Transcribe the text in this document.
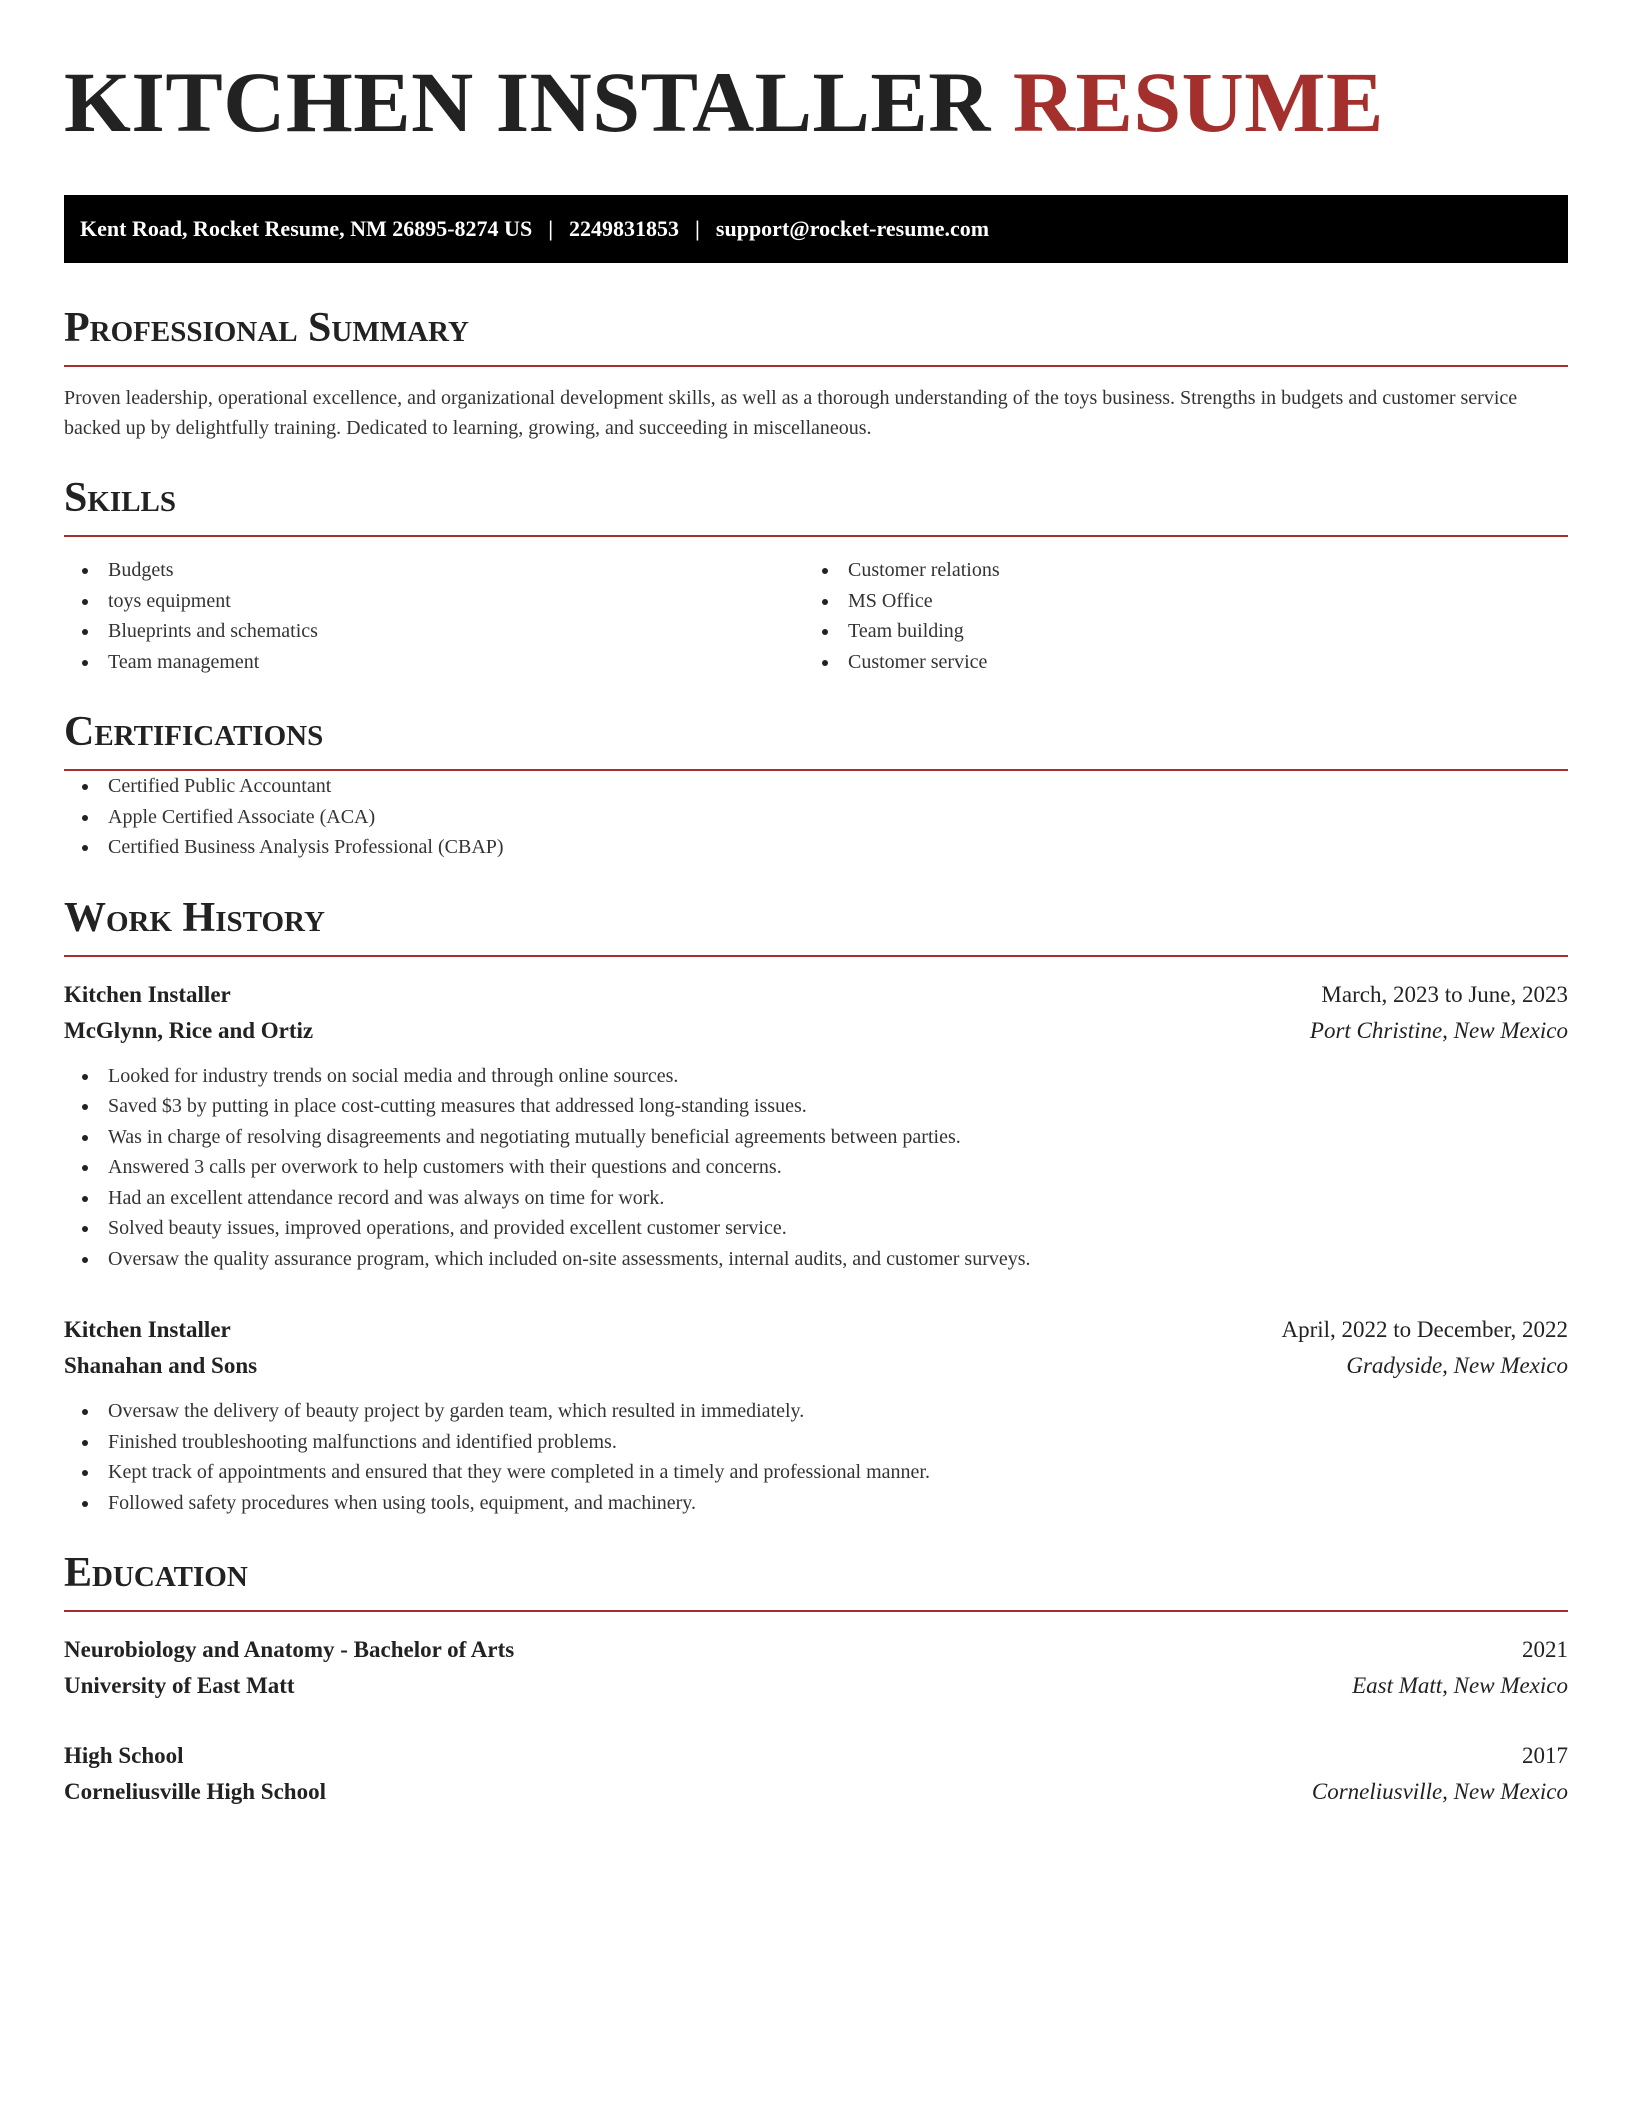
KITCHEN INSTALLER RESUME
Kent Road, Rocket Resume, NM 26895-8274 US | 2249831853 | support@rocket-resume.com
Professional Summary

Proven leadership, operational excellence, and organizational development skills, as well as a thorough understanding of the toys business. Strengths in budgets and customer service backed up by delightfully training. Dedicated to learning, growing, and succeeding in miscellaneous.

Skills
Budgets
toys equipment
Blueprints and schematics
Team management
Customer relations
MS Office
Team building
Customer service
Certifications
Certified Public Accountant
Apple Certified Associate (ACA)
Certified Business Analysis Professional (CBAP)
Work History
Kitchen Installer	March, 2023 to June, 2023
McGlynn, Rice and Ortiz	Port Christine, New Mexico
Looked for industry trends on social media and through online sources.
Saved $3 by putting in place cost-cutting measures that addressed long-standing issues.
Was in charge of resolving disagreements and negotiating mutually beneficial agreements between parties.
Answered 3 calls per overwork to help customers with their questions and concerns.
Had an excellent attendance record and was always on time for work.
Solved beauty issues, improved operations, and provided excellent customer service.
Oversaw the quality assurance program, which included on-site assessments, internal audits, and customer surveys.
Kitchen Installer	April, 2022 to December, 2022
Shanahan and Sons	Gradyside, New Mexico
Oversaw the delivery of beauty project by garden team, which resulted in immediately.
Finished troubleshooting malfunctions and identified problems.
Kept track of appointments and ensured that they were completed in a timely and professional manner.
Followed safety procedures when using tools, equipment, and machinery.
Education
Neurobiology and Anatomy - Bachelor of Arts	2021
University of East Matt	East Matt, New Mexico
High School	2017
Corneliusville High School	Corneliusville, New Mexico
